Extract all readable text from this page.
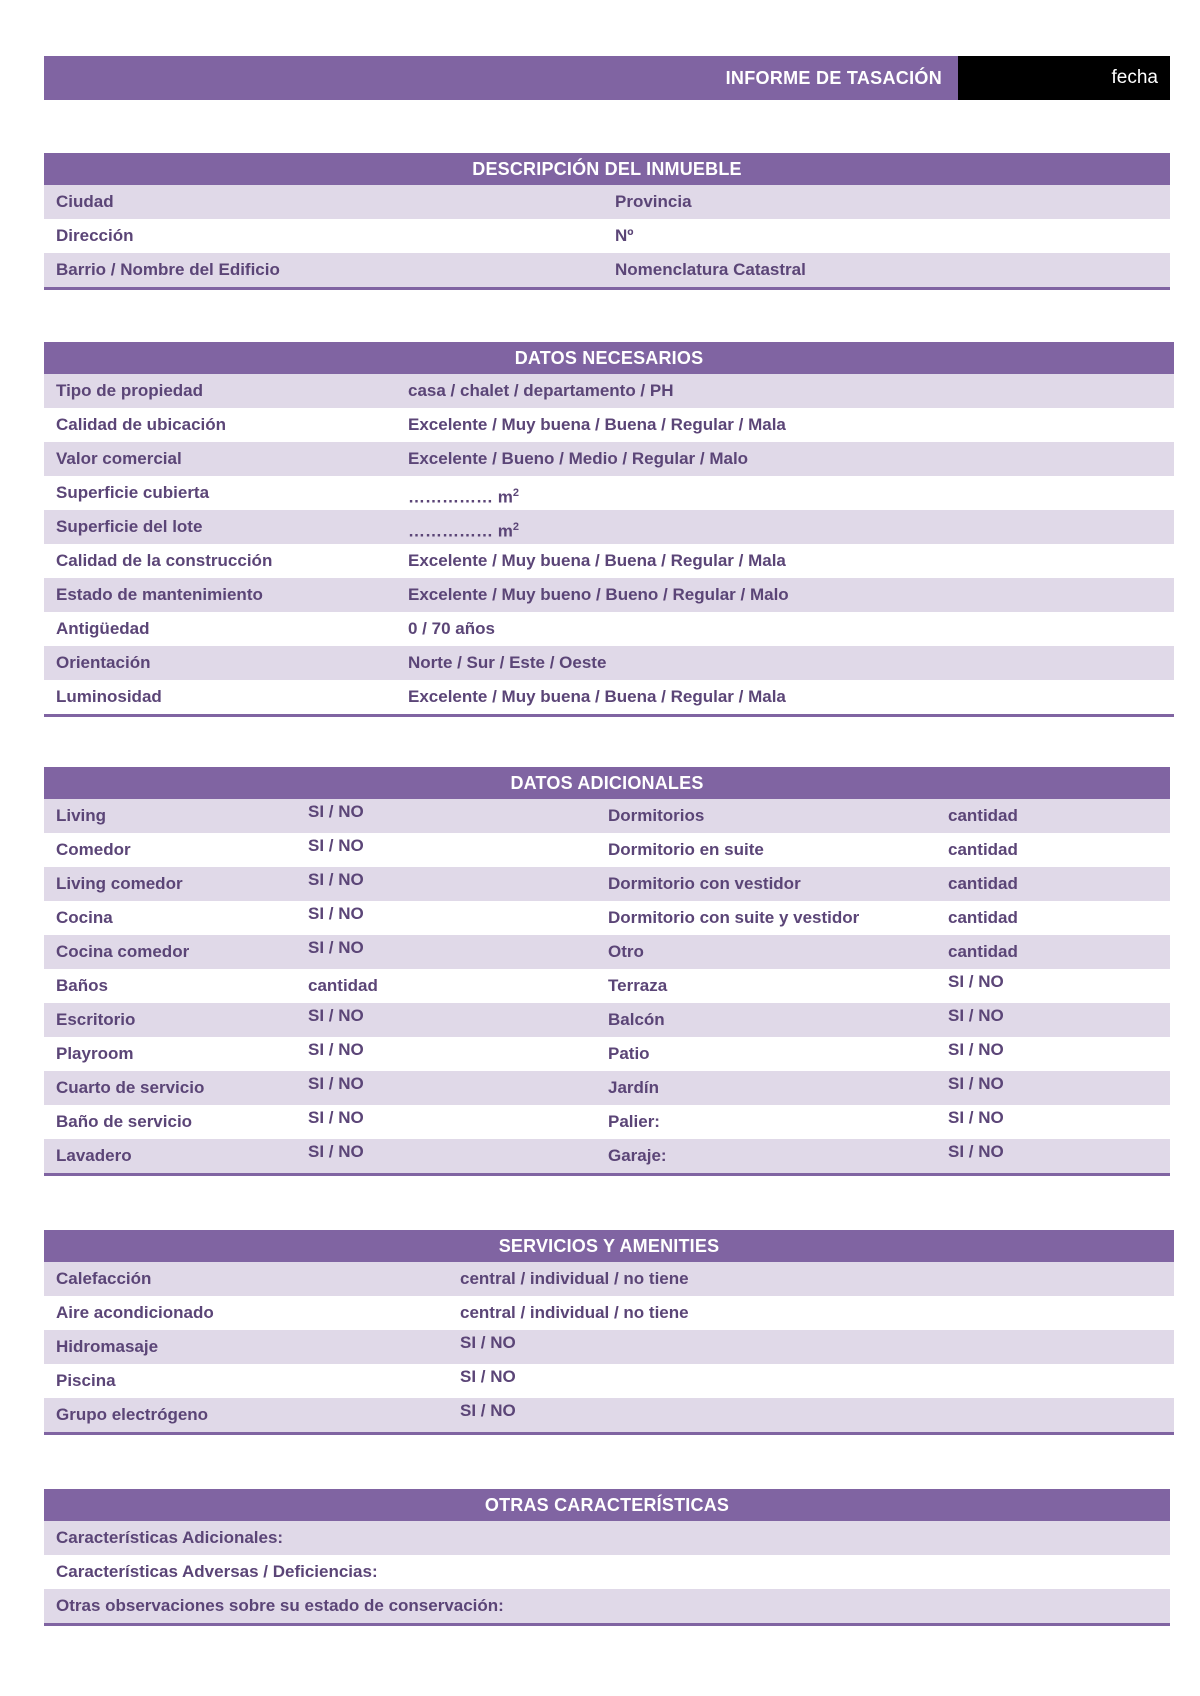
INFORME DE TASACIÓN	fecha
DESCRIPCIÓN DEL INMUEBLE
Ciudad	Provincia
Dirección	Nº
Barrio / Nombre del Edificio	Nomenclatura Catastral
DATOS NECESARIOS
Tipo de propiedad	casa / chalet / departamento / PH
Calidad de ubicación	Excelente / Muy buena / Buena / Regular / Mala
Valor comercial	Excelente / Bueno / Medio / Regular / Malo
Superficie cubierta	…………… $m^2$
Superficie del lote	…………… $m^2$
Calidad de la construcción	Excelente / Muy buena / Buena / Regular / Mala
Estado de mantenimiento	Excelente / Muy bueno / Bueno / Regular / Malo
Antigüedad	0 / 70 años
Orientación	Norte / Sur / Este / Oeste
Luminosidad	Excelente / Muy buena / Buena / Regular / Mala
DATOS ADICIONALES
Living	SI / NO	Dormitorios	cantidad
Comedor	SI / NO	Dormitorio en suite	cantidad
Living comedor	SI / NO	Dormitorio con vestidor	cantidad
Cocina	SI / NO	Dormitorio con suite y vestidor	cantidad
Cocina comedor	SI / NO	Otro	cantidad
Baños	cantidad	Terraza	SI / NO
Escritorio	SI / NO	Balcón	SI / NO
Playroom	SI / NO	Patio	SI / NO
Cuarto de servicio	SI / NO	Jardín	SI / NO
Baño de servicio	SI / NO	Palier:	SI / NO
Lavadero	SI / NO	Garaje:	SI / NO
SERVICIOS Y AMENITIES
Calefacción	central / individual / no tiene
Aire acondicionado	central / individual / no tiene
Hidromasaje	SI / NO
Piscina	SI / NO
Grupo electrógeno	SI / NO
OTRAS CARACTERÍSTICAS
Características Adicionales:
Características Adversas / Deficiencias:
Otras observaciones sobre su estado de conservación:
